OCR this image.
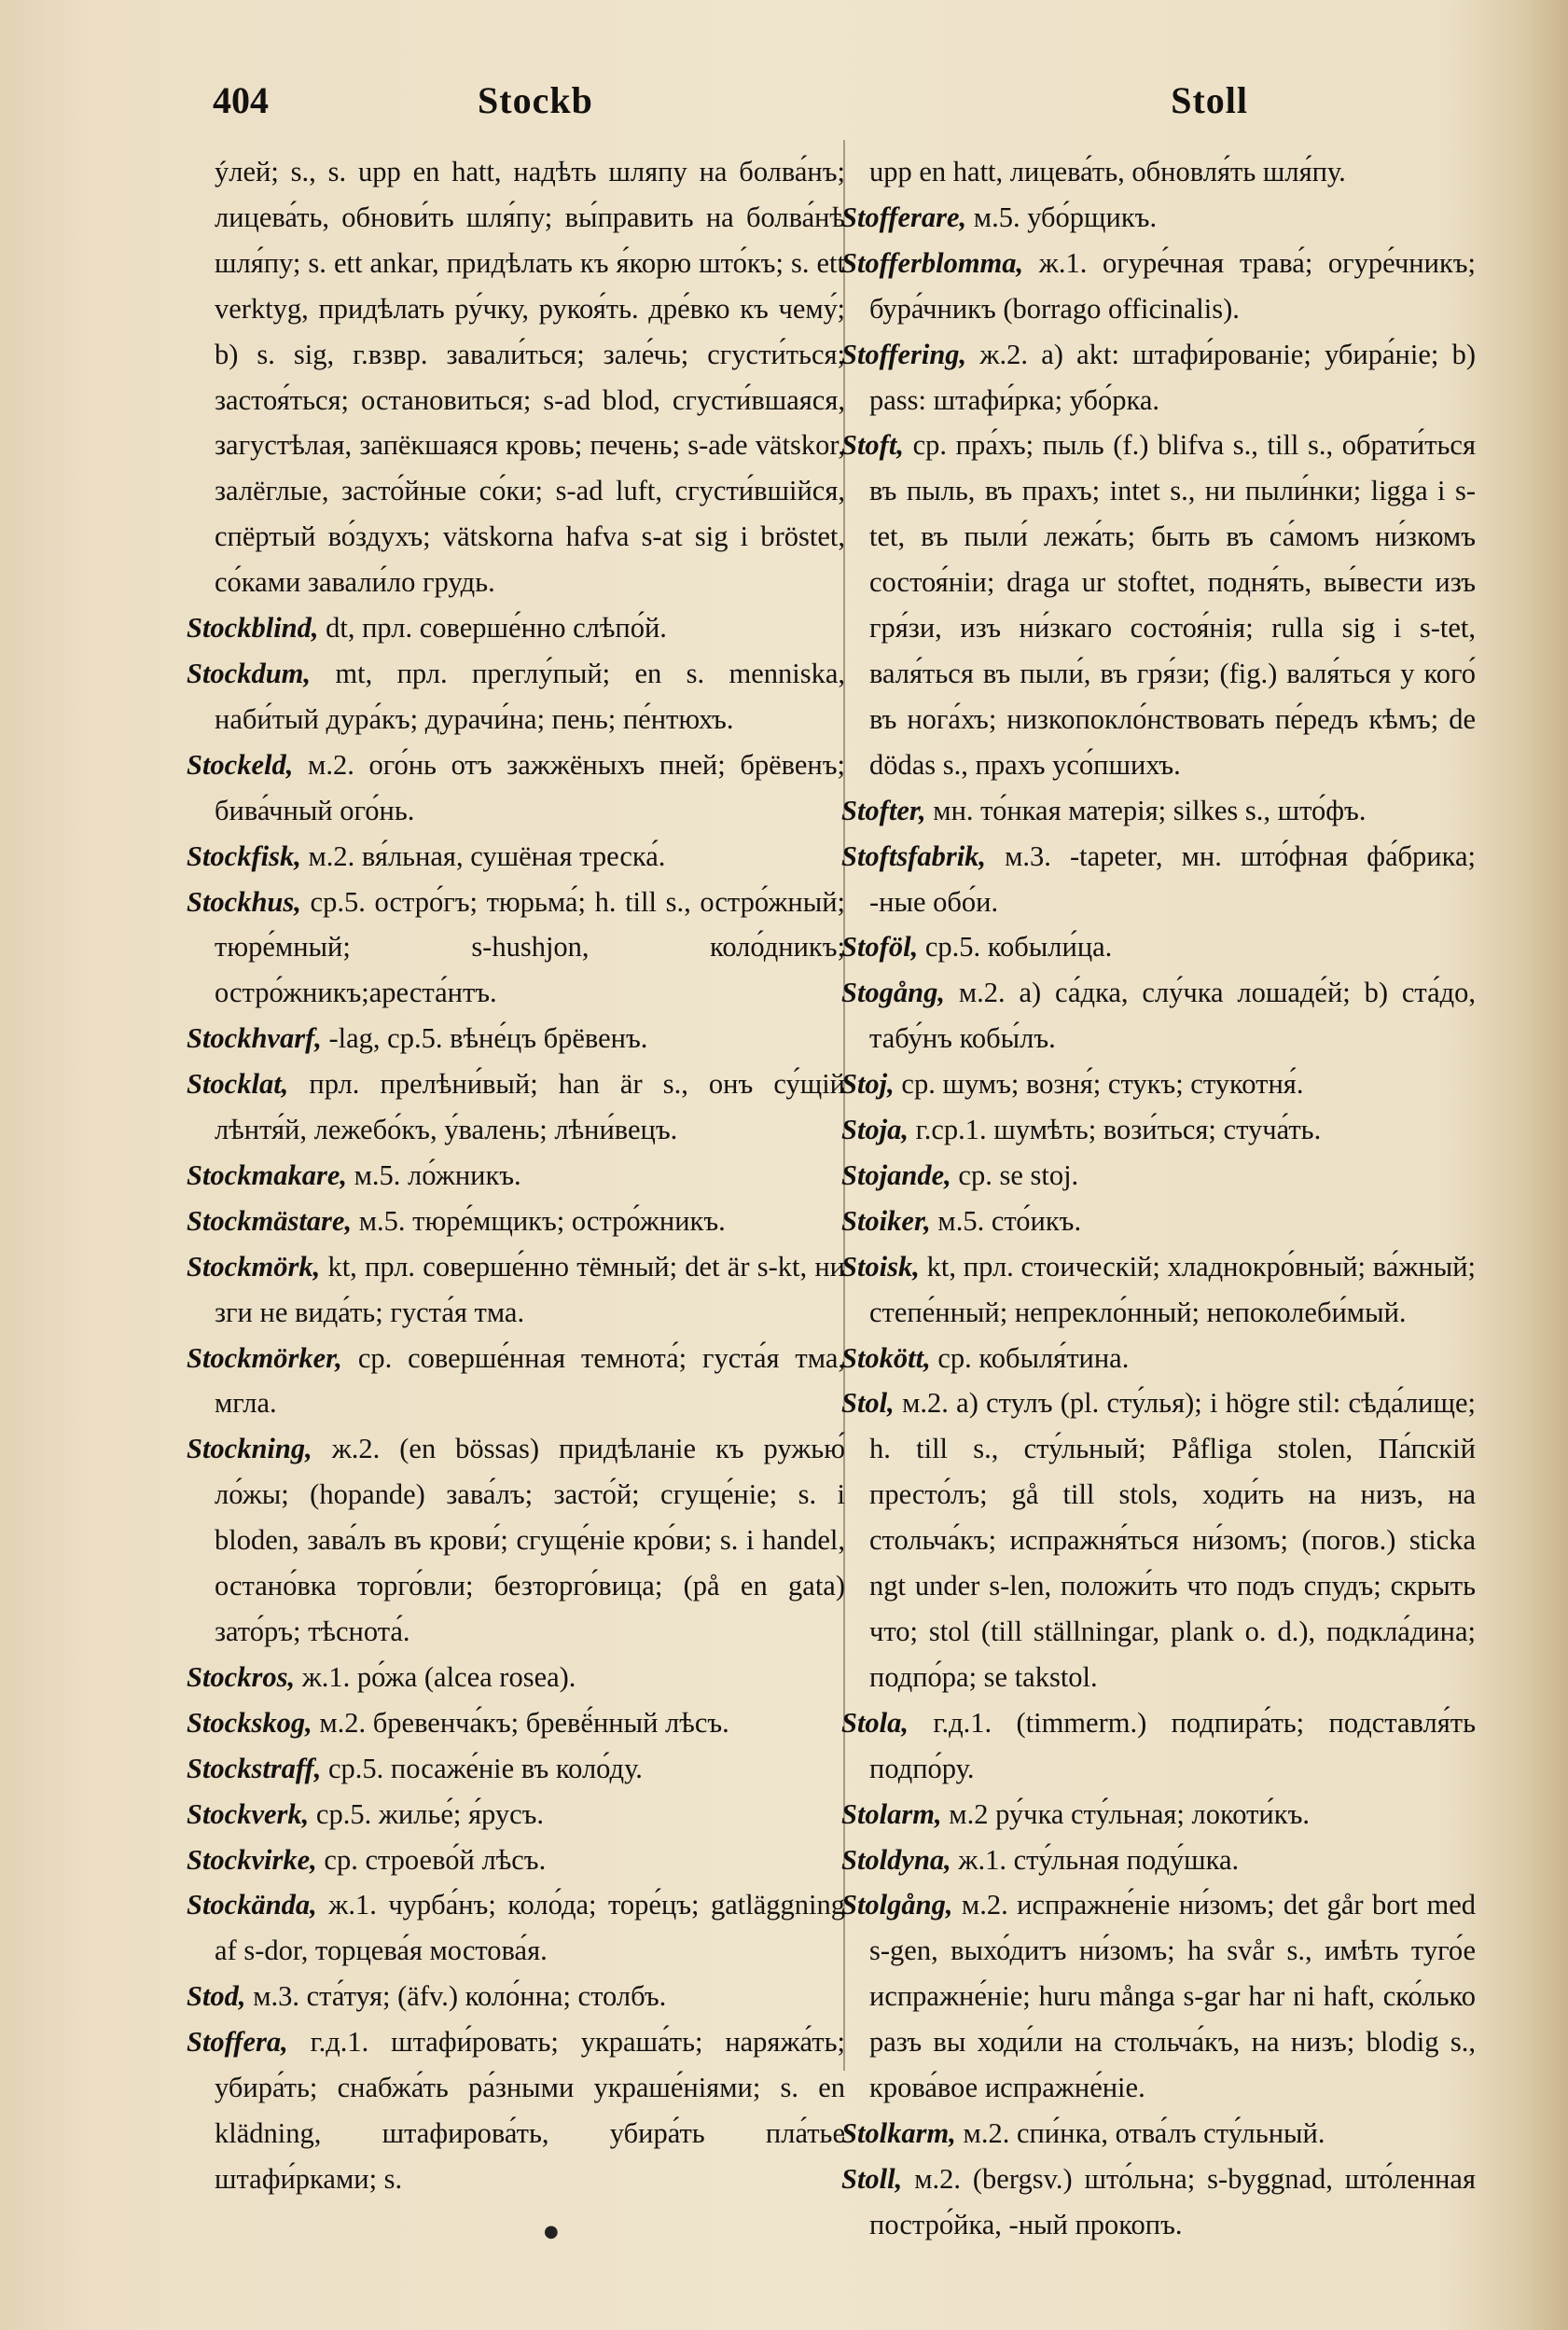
404	Stockb	Stoll
ýлей; s., s. upp en hatt, надѣть шляпу на болва́нъ; лицева́ть, обнови́ть шля́пу; вы́править на болва́нѣ шля́пу; s. ett ankar, придѣлать къ я́корю што́къ; s. ett verktyg, придѣлать ру́чку, рукоя́ть. дре́вко къ чему́; b) s. sig, г.взвр. завали́ться; зале́чь; сгусти́ться; застоя́ться; остановиться; s-ad blod, сгусти́вшаяся, загустѣлая, запёкшаяся кровь; печень; s-ade vätskor, залёглые, засто́йные со́ки; s-ad luft, сгусти́вшійся, спёртый во́здухъ; vätskorna hafva s-at sig i bröstet, со́ками завали́ло грудь.
Stockblind, dt, прл. соверше́нно слѣпо́й.
Stockdum, mt, прл. преглу́пый; en s. menniska, наби́тый дура́къ; дурачи́на; пень; пе́нтюхъ.
Stockeld, м.2. ого́нь отъ зажжёныхъ пней; брёвенъ; бива́чный ого́нь.
Stockfisk, м.2. вя́льная, сушёная треска́.
Stockhus, ср.5. остро́гъ; тюрьма́; h. till s., остро́жный; тюре́мный; s-hushjon, коло́дникъ; остро́жникъ;ареста́нтъ.
Stockhvarf, -lag, ср.5. вѣне́цъ брёвенъ.
Stocklat, прл. прелѣни́вый; han är s., онъ су́щій лѣнтя́й, лежебо́къ, у́валень; лѣни́вецъ.
Stockmakare, м.5. ло́жникъ.
Stockmästare, м.5. тюре́мщикъ; остро́жникъ.
Stockmörk, kt, прл. соверше́нно тёмный; det är s-kt, ни зги не вида́ть; густа́я тма.
Stockmörker, ср. соверше́нная темнота́; густа́я тма, мгла.
Stockning, ж.2. (en bössas) придѣланіе къ ружью́ ло́жы; (hopande) зава́лъ; засто́й; сгуще́ніе; s. i bloden, зава́лъ въ крови́; сгуще́ніе кро́ви; s. i handel, остано́вка торго́вли; безторго́вица; (på en gata) зато́ръ; тѣснота́.
Stockros, ж.1. ро́жа (alcea rosea).
Stockskog, м.2. бревенча́къ; бревё́нный лѣсъ.
Stockstraff, ср.5. посаже́ніе въ коло́ду.
Stockverk, ср.5. жилье́; я́русъ.
Stockvirke, ср. строево́й лѣсъ.
Stockända, ж.1. чурба́нъ; коло́да; торе́цъ; gatläggning af s-dor, торцева́я мостова́я.
Stod, м.3. ста́туя; (äfv.) коло́нна; столбъ.
Stoffera, г.д.1. штафи́ровать; украша́ть; наряжа́ть; убира́ть; снабжа́ть ра́зными украше́ніями; s. en klädning, штафирова́ть, убира́ть пла́тье штафи́рками; s.
upp en hatt, лицева́ть, обновля́ть шля́пу.
Stofferare, м.5. убо́рщикъ.
Stofferblomma, ж.1. огуре́чная трава́; огуре́чникъ; бура́чникъ (borrago officinalis).
Stoffering, ж.2. a) akt: штафи́рованіе; убира́ніе; b) pass: штафи́рка; убо́рка.
Stoft, ср. пра́хъ; пыль (f.) blifva s., till s., обрати́ться въ пыль, въ прахъ; intet s., ни пыли́нки; ligga i s-tet, въ пыли́ лежа́ть; быть въ са́момъ ни́зкомъ состоя́ніи; draga ur stoftet, подня́ть, вы́вести изъ гря́зи, изъ ни́зкаго состоя́нія; rulla sig i s-tet, валя́ться въ пыли́, въ гря́зи; (fig.) валя́ться у кого́ въ нога́хъ; низкопокло́нствовать пе́редъ кѣмъ; de dödas s., прахъ усо́пшихъ.
Stofter, мн. то́нкая матерія; silkes s., што́фъ.
Stoftsfabrik, м.3. -tapeter, мн. што́фная фа́брика; -ные обо́и.
Stoföl, ср.5. кобыли́ца.
Stogång, м.2. a) са́дка, слу́чка лошаде́й; b) ста́до, табу́нъ кобы́лъ.
Stoj, ср. шумъ; возня́; стукъ; стукотня́.
Stoja, г.ср.1. шумѣть; вози́ться; стуча́ть.
Stojande, ср. se stoj.
Stoiker, м.5. сто́икъ.
Stoisk, kt, прл. стоическій; хладнокро́вный; ва́жный; степе́нный; непрекло́нный; непоколеби́мый.
Stokött, ср. кобыля́тина.
Stol, м.2. a) стулъ (pl. сту́лья); i högre stil: сѣда́лище; h. till s., сту́льный; Påfliga stolen, Па́пскій престо́лъ; gå till stols, ходи́ть на низъ, на стольча́къ; испражня́ться ни́зомъ; (погов.) sticka ngt under s-len, положи́ть что подъ спудъ; скрыть что; stol (till ställningar, plank o. d.), подкла́дина; подпо́ра; se takstol.
Stola, г.д.1. (timmerm.) подпира́ть; подставля́ть подпо́ру.
Stolarm, м.2 ру́чка сту́льная; локоти́къ.
Stoldyna, ж.1. сту́льная поду́шка.
Stolgång, м.2. испражне́ніе ни́зомъ; det går bort med s-gen, выхо́дитъ ни́зомъ; ha svår s., имѣть туго́е испражне́ніе; huru många s-gar har ni haft, ско́лько разъ вы ходи́ли на стольча́къ, на низъ; blodig s., крова́вое испражне́ніе.
Stolkarm, м.2. спи́нка, отва́лъ сту́льный.
Stoll, м.2. (bergsv.) што́льна; s-byggnad, што́ленная постро́йка, -ный прокопъ.
●
